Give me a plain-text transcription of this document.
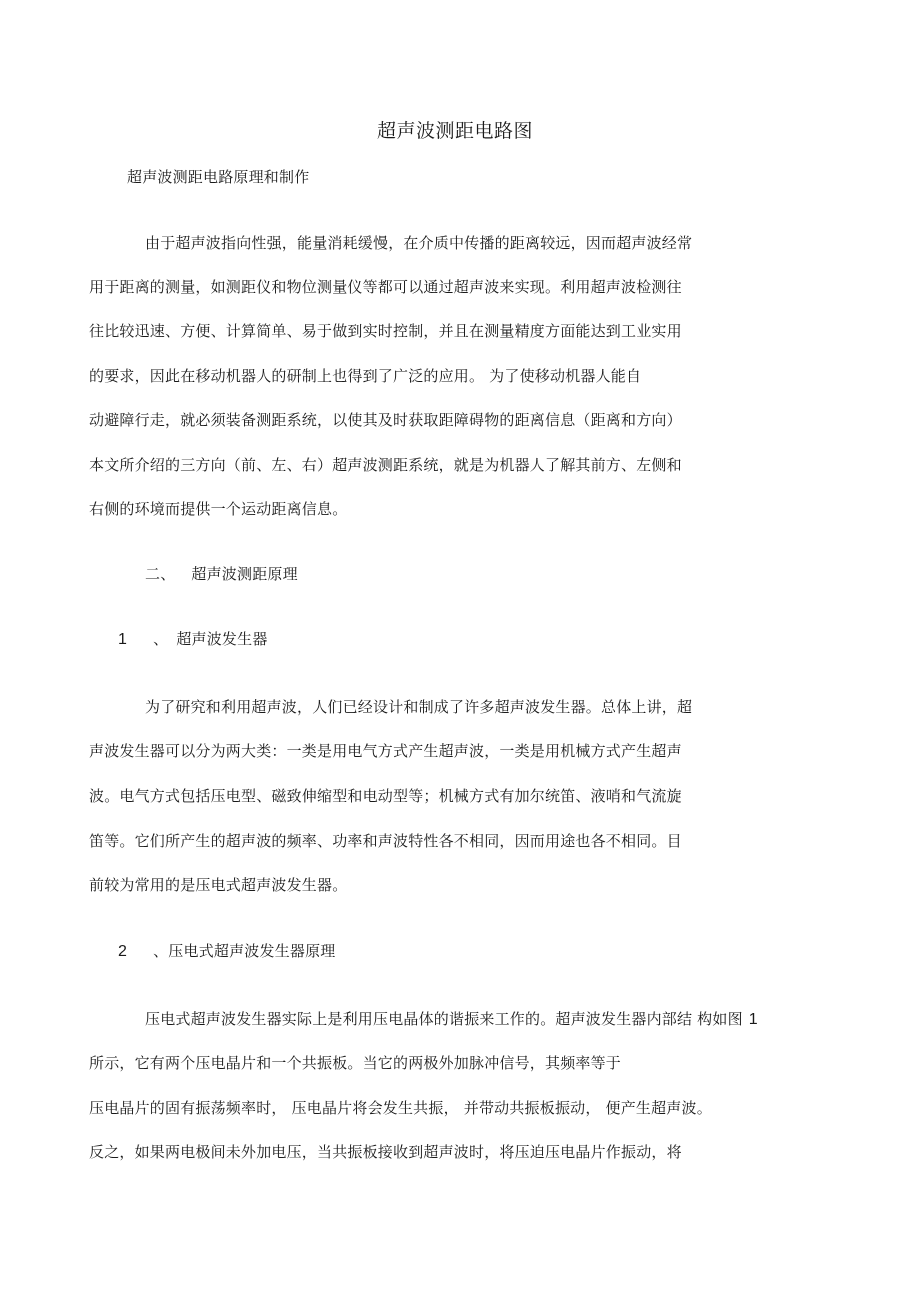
超声波测距电路图
超声波测距电路原理和制作
由于超声波指向性强，能量消耗缓慢，在介质中传播的距离较远，因而超声波经常
用于距离的测量，如测距仪和物位测量仪等都可以通过超声波来实现。利用超声波检测往
往比较迅速、方便、计算简单、易于做到实时控制，并且在测量精度方面能达到工业实用
的要求，因此在移动机器人的研制上也得到了广泛的应用。 为了使移动机器人能自
动避障行走，就必须装备测距系统，以使其及时获取距障碍物的距离信息（距离和方向）
本文所介绍的三方向（前、左、右）超声波测距系统，就是为机器人了解其前方、左侧和
右侧的环境而提供一个运动距离信息。
二、 超声波测距原理
1 、 超声波发生器
为了研究和利用超声波，人们已经设计和制成了许多超声波发生器。总体上讲，超
声波发生器可以分为两大类：一类是用电气方式产生超声波，一类是用机械方式产生超声
波。电气方式包括压电型、磁致伸缩型和电动型等；机械方式有加尔统笛、液哨和气流旋
笛等。它们所产生的超声波的频率、功率和声波特性各不相同，因而用途也各不相同。目
前较为常用的是压电式超声波发生器。
2 、压电式超声波发生器原理
压电式超声波发生器实际上是利用压电晶体的谐振来工作的。超声波发生器内部结 构如图 1
所示，它有两个压电晶片和一个共振板。当它的两极外加脉冲信号，其频率等于
压电晶片的固有振荡频率时， 压电晶片将会发生共振， 并带动共振板振动， 便产生超声波。
反之，如果两电极间未外加电压，当共振板接收到超声波时，将压迫压电晶片作振动，将
